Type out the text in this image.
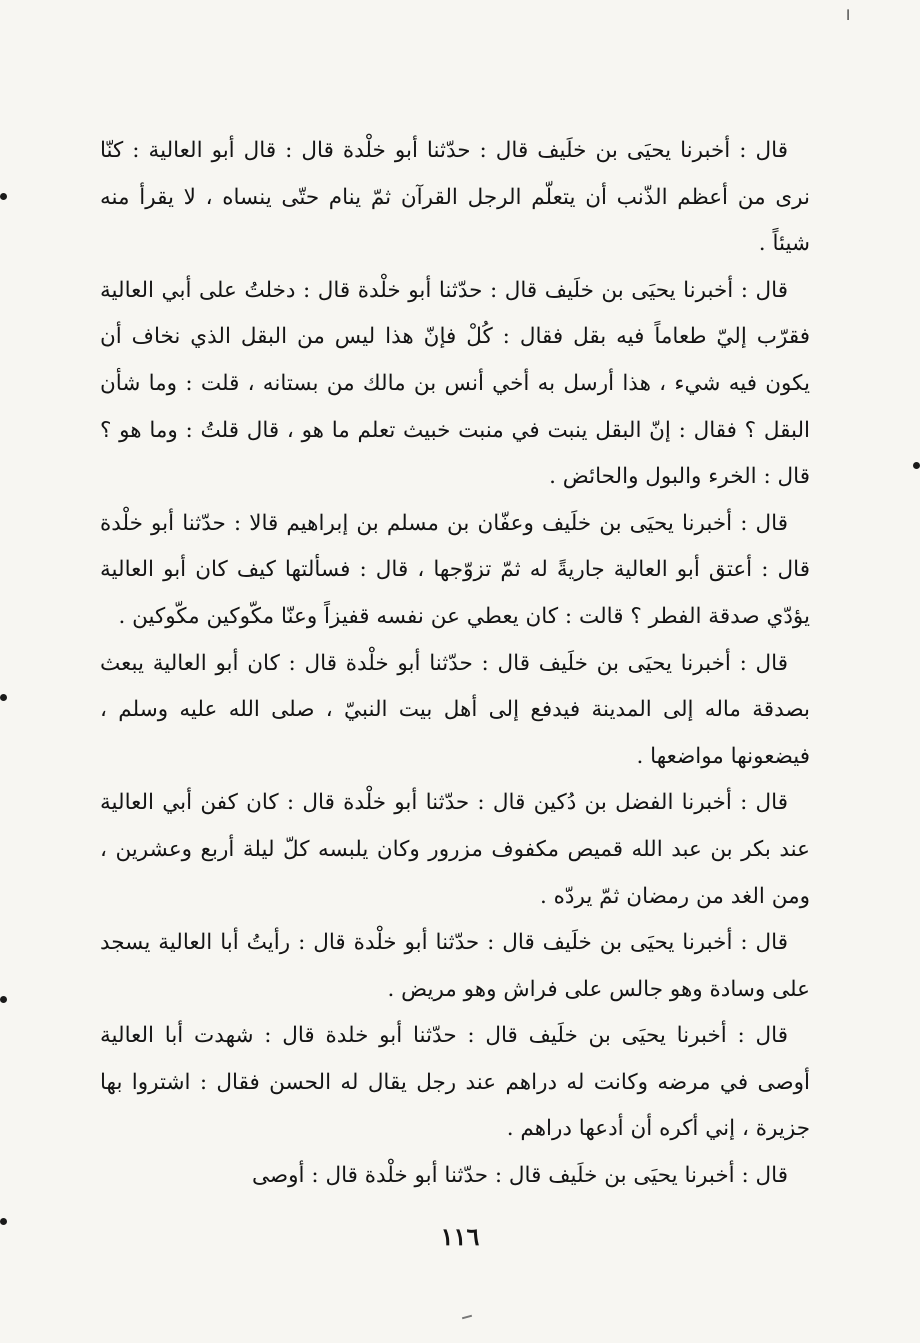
ا

قال : أخبرنا يحيَى بن خلَيف قال : حدّثنا أبو خلْدة قال : قال أبو العالية : كنّا نرى من أعظم الذّنب أن يتعلّم الرجل القرآن ثمّ ينام حتّى ينساه ، لا يقرأ منه شيئاً .

قال : أخبرنا يحيَى بن خلَيف قال : حدّثنا أبو خلْدة قال : دخلتُ على أبي العالية فقرّب إليّ طعاماً فيه بقل فقال : كُلْ فإنّ هذا ليس من البقل الذي نخاف أن يكون فيه شيء ، هذا أرسل به أخي أنس بن مالك من بستانه ، قلت : وما شأن البقل ؟ فقال : إنّ البقل ينبت في منبت خبيث تعلم ما هو ، قال قلتُ : وما هو ؟ قال : الخرء والبول والحائض .

قال : أخبرنا يحيَى بن خلَيف وعفّان بن مسلم بن إبراهيم قالا : حدّثنا أبو خلْدة قال : أعتق أبو العالية جاريةً له ثمّ تزوّجها ، قال : فسألتها كيف كان أبو العالية يؤدّي صدقة الفطر ؟ قالت : كان يعطي عن نفسه قفيزاً وعنّا مكّوكين مكّوكين .

قال : أخبرنا يحيَى بن خلَيف قال : حدّثنا أبو خلْدة قال : كان أبو العالية يبعث بصدقة ماله إلى المدينة فيدفع إلى أهل بيت النبيّ ، صلى الله عليه وسلم ، فيضعونها مواضعها .

قال : أخبرنا الفضل بن دُكين قال : حدّثنا أبو خلْدة قال : كان كفن أبي العالية عند بكر بن عبد الله قميص مكفوف مزرور وكان يلبسه كلّ ليلة أربع وعشرين ، ومن الغد من رمضان ثمّ يردّه .

قال : أخبرنا يحيَى بن خلَيف قال : حدّثنا أبو خلْدة قال : رأيتُ أبا العالية يسجد على وسادة وهو جالس على فراش وهو مريض .

قال : أخبرنا يحيَى بن خلَيف قال : حدّثنا أبو خلدة قال : شهدت أبا العالية أوصى في مرضه وكانت له دراهم عند رجل يقال له الحسن فقال : اشتروا بها جزيرة ، إني أكره أن أدعها دراهم .

قال : أخبرنا يحيَى بن خلَيف قال : حدّثنا أبو خلْدة قال : أوصى

١١٦
